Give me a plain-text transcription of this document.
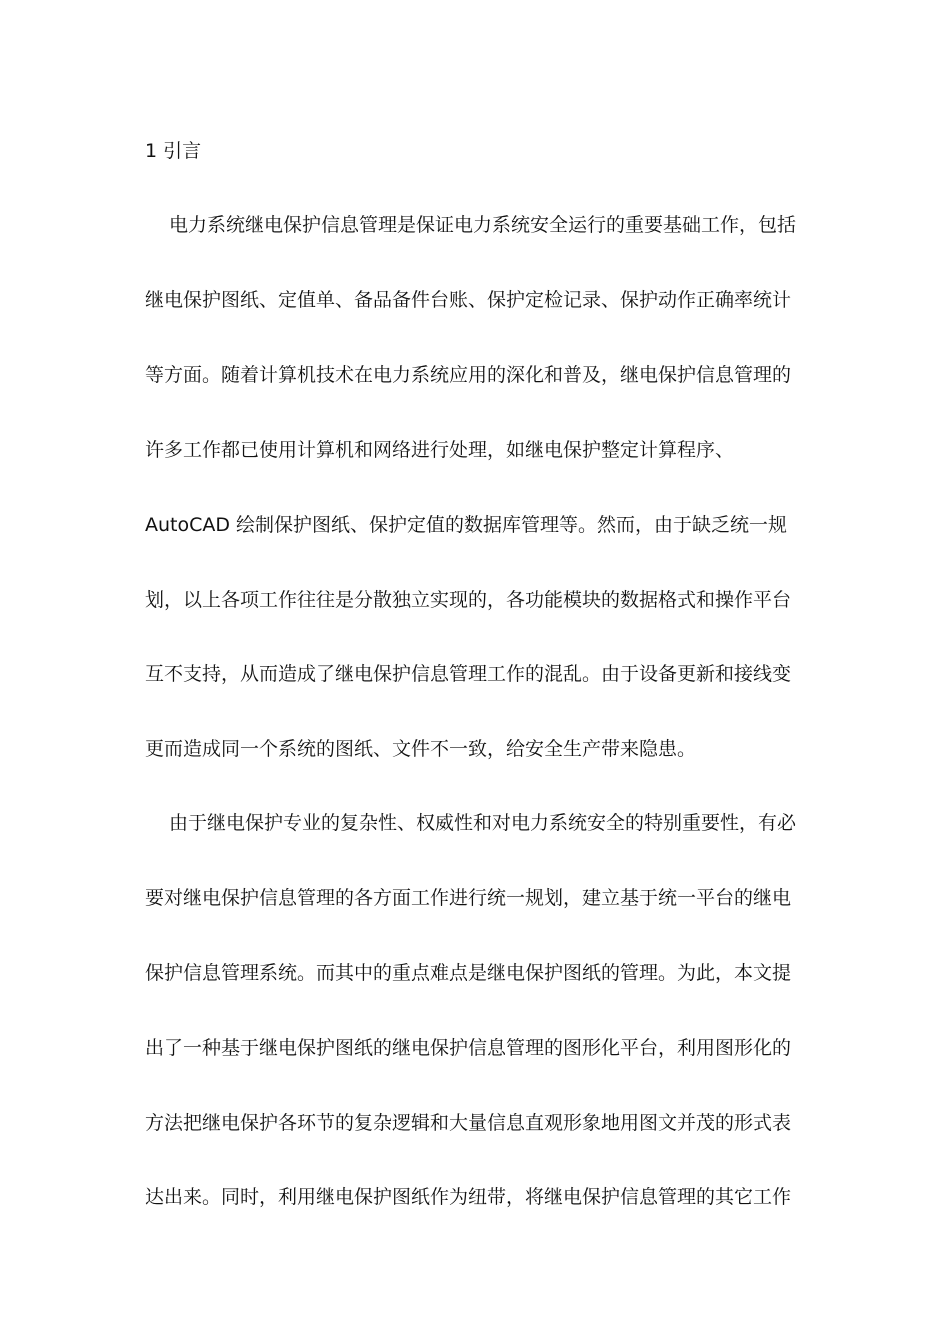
1 引言

电力系统继电保护信息管理是保证电力系统安全运行的重要基础工作，包括

继电保护图纸、定值单、备品备件台账、保护定检记录、保护动作正确率统计

等方面。随着计算机技术在电力系统应用的深化和普及，继电保护信息管理的

许多工作都已使用计算机和网络进行处理，如继电保护整定计算程序、

AutoCAD 绘制保护图纸、保护定值的数据库管理等。然而，由于缺乏统一规

划，以上各项工作往往是分散独立实现的，各功能模块的数据格式和操作平台

互不支持，从而造成了继电保护信息管理工作的混乱。由于设备更新和接线变

更而造成同一个系统的图纸、文件不一致，给安全生产带来隐患。

由于继电保护专业的复杂性、权威性和对电力系统安全的特别重要性，有必

要对继电保护信息管理的各方面工作进行统一规划，建立基于统一平台的继电

保护信息管理系统。而其中的重点难点是继电保护图纸的管理。为此，本文提

出了一种基于继电保护图纸的继电保护信息管理的图形化平台，利用图形化的

方法把继电保护各环节的复杂逻辑和大量信息直观形象地用图文并茂的形式表

达出来。同时，利用继电保护图纸作为纽带，将继电保护信息管理的其它工作
